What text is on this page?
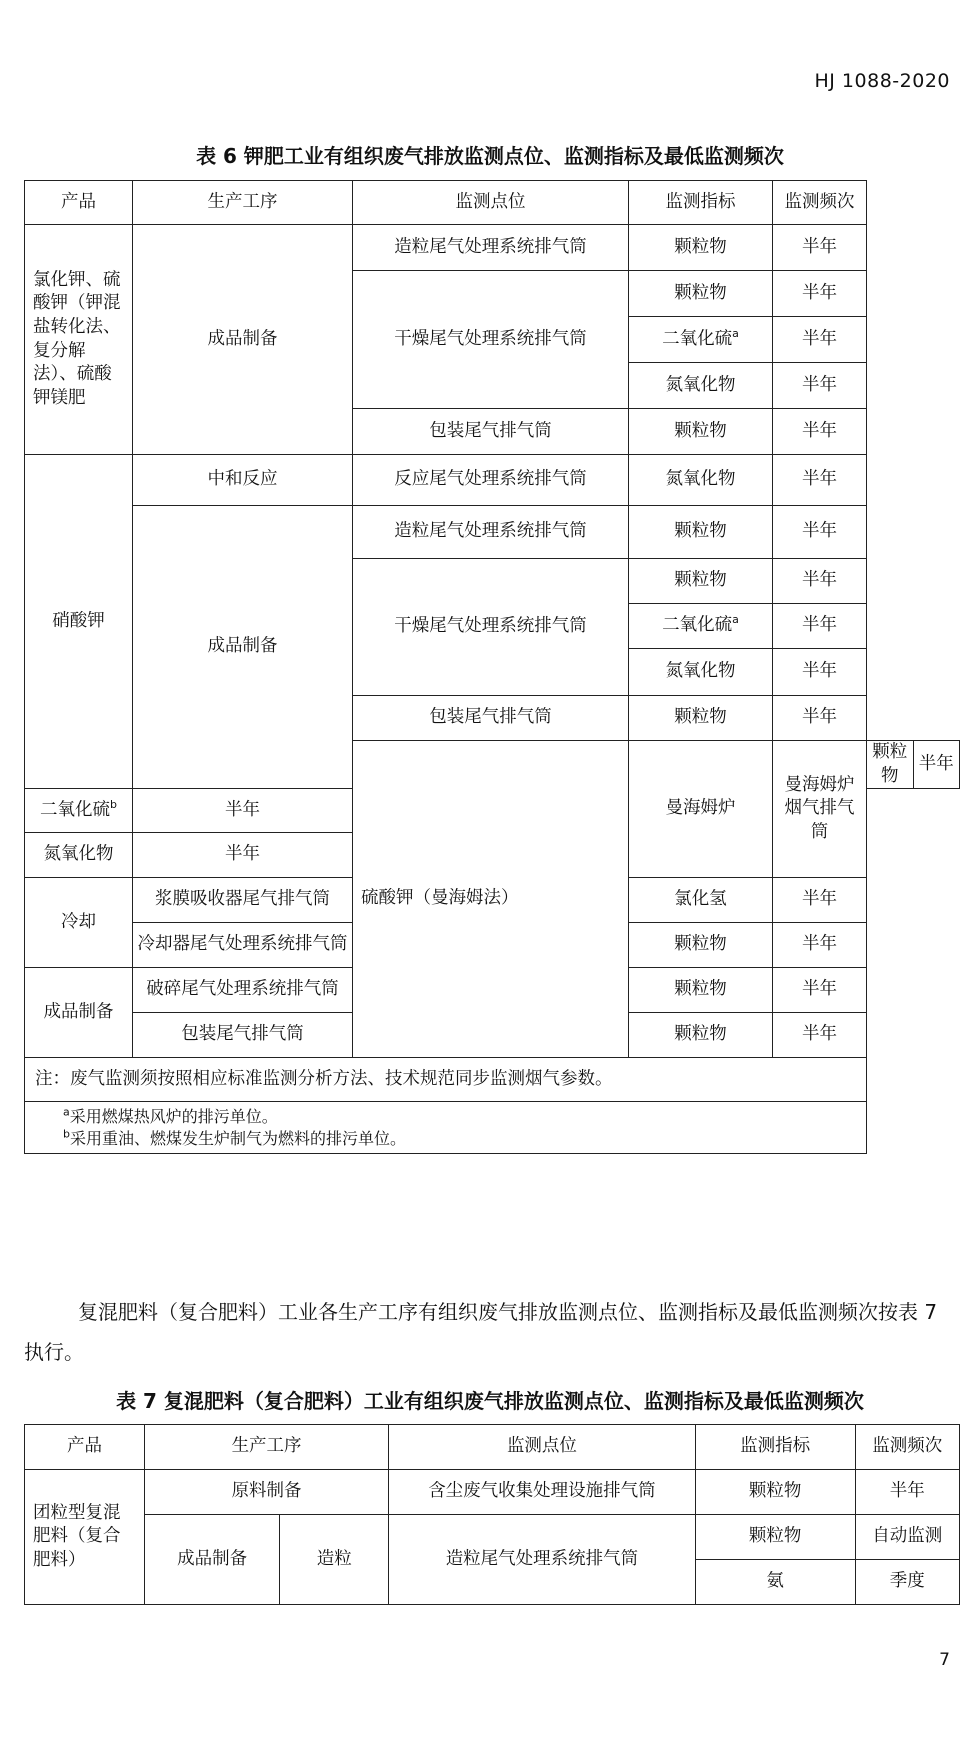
HJ 1088-2020
表 6 钾肥工业有组织废气排放监测点位、监测指标及最低监测频次
产品	生产工序	监测点位	监测指标	监测频次		
氯化钾、硫酸钾（钾混盐转化法、复分解法）、硫酸钾镁肥	成品制备	造粒尾气处理系统排气筒	颗粒物	半年		
		干燥尾气处理系统排气筒	颗粒物	半年		
			二氧化硫$^a$	半年		
			氮氧化物	半年		
		包装尾气排气筒	颗粒物	半年		
硝酸钾	中和反应	反应尾气处理系统排气筒	氮氧化物	半年		
	成品制备	造粒尾气处理系统排气筒	颗粒物	半年		
		干燥尾气处理系统排气筒	颗粒物	半年		
			二氧化硫$^a$	半年		
			氮氧化物	半年		
		包装尾气排气筒	颗粒物	半年		
		硫酸钾（曼海姆法）	曼海姆炉	曼海姆炉烟气排气筒	颗粒物	半年
二氧化硫$^b$	半年					
氮氧化物	半年					
冷却	浆膜吸收器尾气排气筒		氯化氢	半年		
	冷却器尾气处理系统排气筒		颗粒物	半年		
成品制备	破碎尾气处理系统排气筒		颗粒物	半年		
	包装尾气排气筒		颗粒物	半年		
注：废气监测须按照相应标准监测分析方法、技术规范同步监测烟气参数。						

$^a$采用燃煤热风炉的排污单位。
$^b$采用重油、燃煤发生炉制气为燃料的排污单位。						
复混肥料（复合肥料）工业各生产工序有组织废气排放监测点位、监测指标及最低监测频次按表 7 执行。
表 7 复混肥料（复合肥料）工业有组织废气排放监测点位、监测指标及最低监测频次
产品	生产工序		监测点位	监测指标	监测频次
团粒型复混肥料（复合肥料）	原料制备		含尘废气收集处理设施排气筒	颗粒物	半年
	成品制备	造粒	造粒尾气处理系统排气筒	颗粒物	自动监测
				氨	季度
7
